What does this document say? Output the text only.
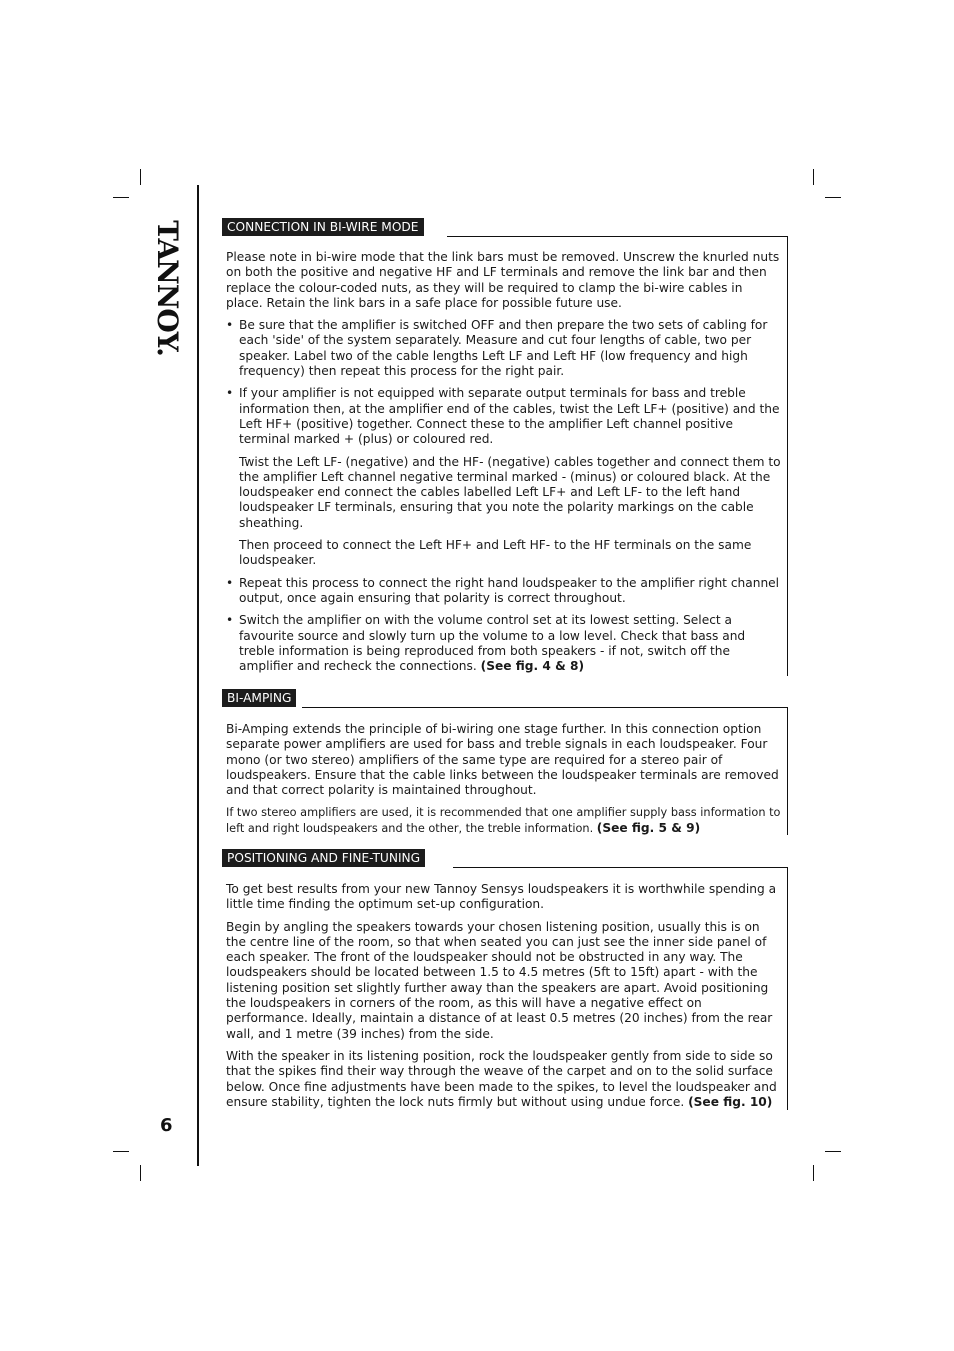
TANNOY.
6
CONNECTION IN BI-WIRE MODE

Please note in bi-wire mode that the link bars must be removed. Unscrew the knurled nuts on both the positive and negative HF and LF terminals and remove the link bar and then replace the colour-coded nuts, as they will be required to clamp the bi-wire cables in place. Retain the link bars in a safe place for possible future use.

• Be sure that the amplifier is switched OFF and then prepare the two sets of cabling for each 'side' of the system separately. Measure and cut four lengths of cable, two per speaker. Label two of the cable lengths Left LF and Left HF (low frequency and high frequency) then repeat this process for the right pair.
• If your amplifier is not equipped with separate output terminals for bass and treble information then, at the amplifier end of the cables, twist the Left LF+ (positive) and the Left HF+ (positive) together. Connect these to the amplifier Left channel positive terminal marked + (plus) or coloured red.

Twist the Left LF- (negative) and the HF- (negative) cables together and connect them to the amplifier Left channel negative terminal marked - (minus) or coloured black. At the loudspeaker end connect the cables labelled Left LF+ and Left LF- to the left hand loudspeaker LF terminals, ensuring that you note the polarity markings on the cable sheathing.

Then proceed to connect the Left HF+ and Left HF- to the HF terminals on the same loudspeaker.

• Repeat this process to connect the right hand loudspeaker to the amplifier right channel output, once again ensuring that polarity is correct throughout.
• Switch the amplifier on with the volume control set at its lowest setting. Select a favourite source and slowly turn up the volume to a low level. Check that bass and treble information is being reproduced from both speakers - if not, switch off the amplifier and recheck the connections. (See fig. 4 & 8)
BI-AMPING

Bi-Amping extends the principle of bi-wiring one stage further. In this connection option separate power amplifiers are used for bass and treble signals in each loudspeaker. Four mono (or two stereo) amplifiers of the same type are required for a stereo pair of loudspeakers. Ensure that the cable links between the loudspeaker terminals are removed and that correct polarity is maintained throughout.

If two stereo amplifiers are used, it is recommended that one amplifier supply bass information to left and right loudspeakers and the other, the treble information. (See fig. 5 & 9)

POSITIONING AND FINE-TUNING

To get best results from your new Tannoy Sensys loudspeakers it is worthwhile spending a little time finding the optimum set-up configuration.

Begin by angling the speakers towards your chosen listening position, usually this is on the centre line of the room, so that when seated you can just see the inner side panel of each speaker. The front of the loudspeaker should not be obstructed in any way. The loudspeakers should be located between 1.5 to 4.5 metres (5ft to 15ft) apart - with the listening position set slightly further away than the speakers are apart. Avoid positioning the loudspeakers in corners of the room, as this will have a negative effect on performance. Ideally, maintain a distance of at least 0.5 metres (20 inches) from the rear wall, and 1 metre (39 inches) from the side.

With the speaker in its listening position, rock the loudspeaker gently from side to side so that the spikes find their way through the weave of the carpet and on to the solid surface below. Once fine adjustments have been made to the spikes, to level the loudspeaker and ensure stability, tighten the lock nuts firmly but without using undue force. (See fig. 10)
